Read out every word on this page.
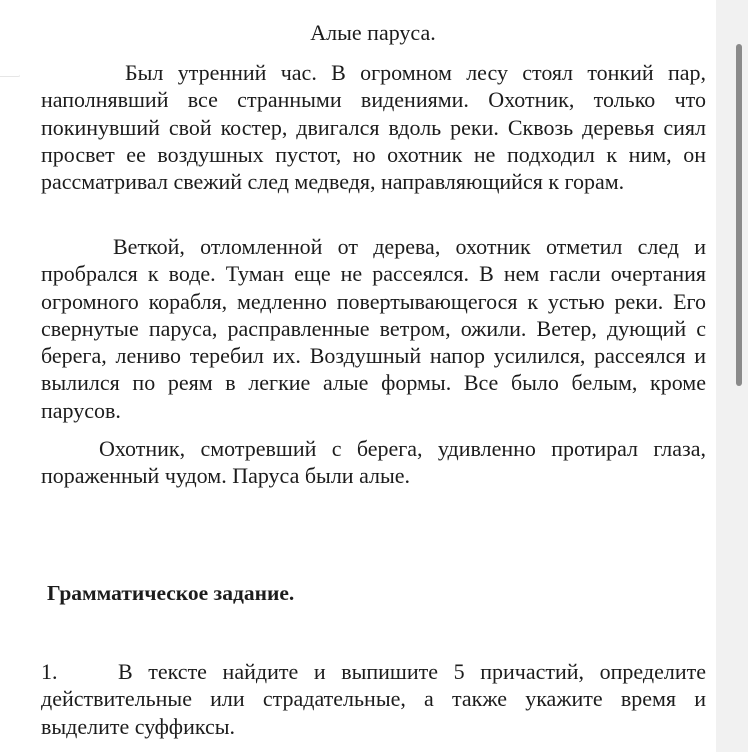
Алые паруса.

Был утренний час. В огромном лесу стоял тонкий пар, наполнявший все странными видениями. Охотник, только что покинувший свой костер, двигался вдоль реки. Сквозь деревья сиял просвет ее воздушных пустот, но охотник не подходил к ним, он рассматривал свежий след медведя, направляющийся к горам.

Веткой, отломленной от дерева, охотник отметил след и пробрался к воде. Туман еще не рассеялся. В нем гасли очертания огромного корабля, медленно повертывающегося к устью реки. Его свернутые паруса, расправленные ветром, ожили. Ветер, дующий с берега, лениво теребил их. Воздушный напор усилился, рассеялся и вылился по реям в легкие алые формы. Все было белым, кроме парусов.

Охотник, смотревший с берега, удивленно протирал глаза, пораженный чудом. Паруса были алые.

Грамматическое задание.

1.	В тексте найдите и выпишите 5 причастий, определите действительные или страдательные, а также укажите время и выделите суффиксы.
